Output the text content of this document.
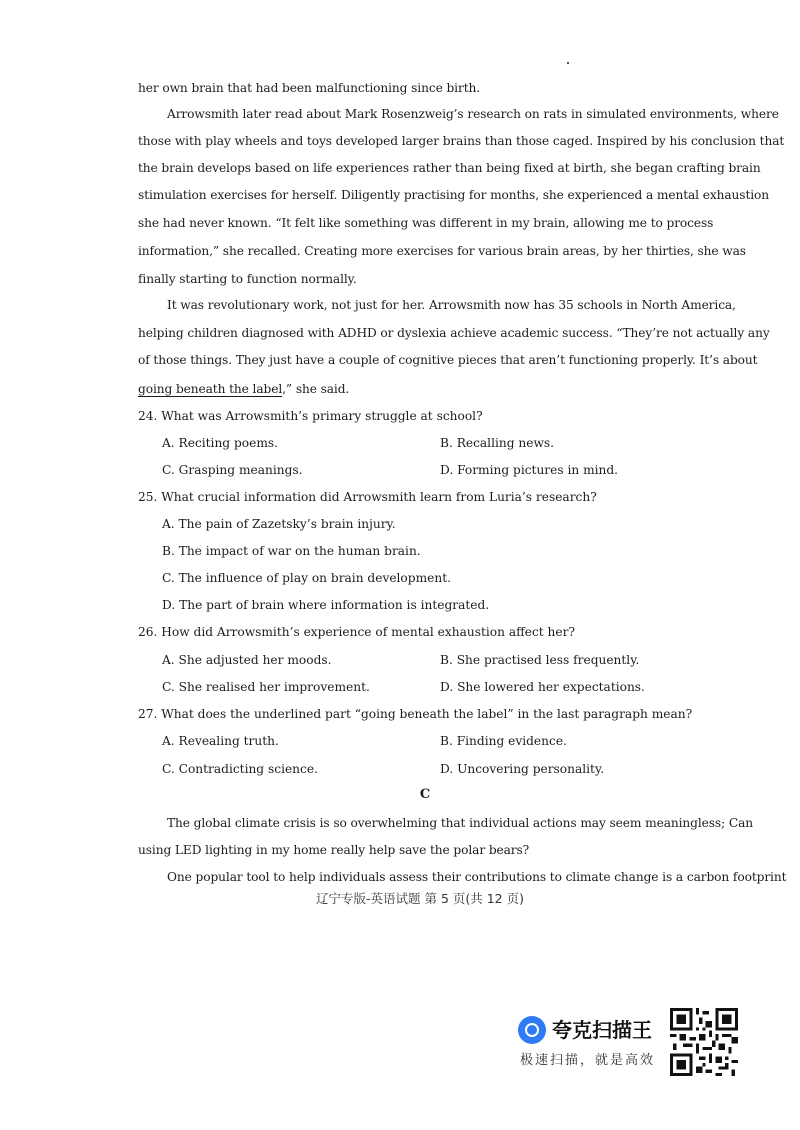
her own brain that had been malfunctioning since birth.
Arrowsmith later read about Mark Rosenzweig’s research on rats in simulated environments, where
those with play wheels and toys developed larger brains than those caged. Inspired by his conclusion that
the brain develops based on life experiences rather than being fixed at birth, she began crafting brain
stimulation exercises for herself. Diligently practising for months, she experienced a mental exhaustion
she had never known. “It felt like something was different in my brain, allowing me to process
information,” she recalled. Creating more exercises for various brain areas, by her thirties, she was
finally starting to function normally.
It was revolutionary work, not just for her. Arrowsmith now has 35 schools in North America,
helping children diagnosed with ADHD or dyslexia achieve academic success. “They’re not actually any
of those things. They just have a couple of cognitive pieces that aren’t functioning properly. It’s about
going beneath the label,” she said.
24. What was Arrowsmith’s primary struggle at school?
A. Reciting poems.	B. Recalling news.
C. Grasping meanings.	D. Forming pictures in mind.
25. What crucial information did Arrowsmith learn from Luria’s research?
A. The pain of Zazetsky’s brain injury.
B. The impact of war on the human brain.
C. The influence of play on brain development.
D. The part of brain where information is integrated.
26. How did Arrowsmith’s experience of mental exhaustion affect her?
A. She adjusted her moods.	B. She practised less frequently.
C. She realised her improvement.	D. She lowered her expectations.
27. What does the underlined part “going beneath the label” in the last paragraph mean?
A. Revealing truth.	B. Finding evidence.
C. Contradicting science.	D. Uncovering personality.
C
The global climate crisis is so overwhelming that individual actions may seem meaningless; Can
using LED lighting in my home really help save the polar bears?
One popular tool to help individuals assess their contributions to climate change is a carbon footprint
辽宁专版-英语试题 第 5 页(共 12 页)
夸克扫描王
极速扫描，就是高效
